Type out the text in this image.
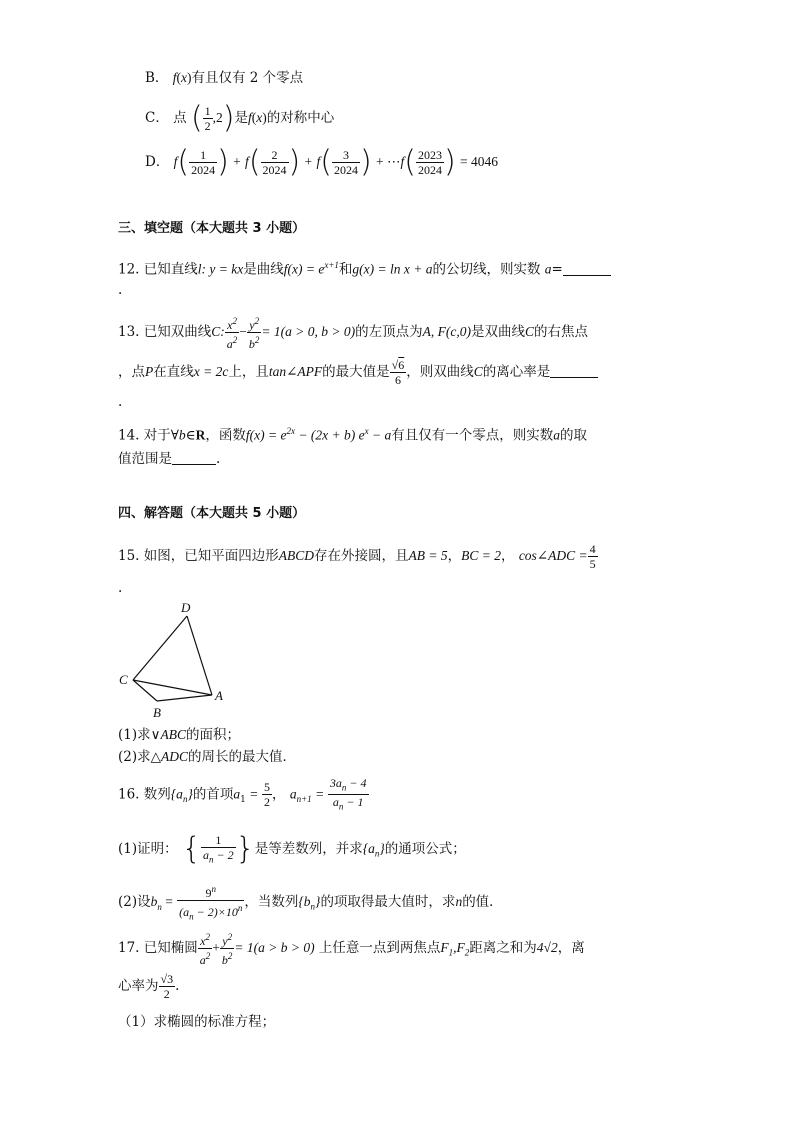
B． f(x)有且仅有 2 个零点
C． 点 ( $\frac{1}{2} ,2$)是f(x)的对称中心
D． $f( \frac{1}{2024}$ ) + $f( \frac{2}{2024}$ ) + $f( \frac{3}{2024}$ ) + ⋯f( $\frac{2023}{2024}$ ) = 4046
三、填空题（本大题共 3 小题）
12. 已知直线l: y = kx是曲线$f(x) = e^{x+1}$和g(x) = ln x + a的公切线，则实数 a=
.
13. 已知双曲线C: $\frac{x^2}{a^2} - \frac{y^2}{b^2} = 1(a > 0$, b > 0)的左顶点为A, F(c,0)是双曲线C的右焦点
，点P在直线x = 2c上，且tan∠APF的最大值是 $\frac{√6}{6}$ ，则双曲线C的离心率是
.
14. 对于∀b∈R，函数$f(x) = e^{2x} - (2x + b) e^x - a$有且仅有一个零点，则实数a的取
值范围是	.
四、解答题（本大题共 5 小题）
15. 如图，已知平面四边形ABCD存在外接圆，且AB = 5，BC = 2， cos∠ADC = $\frac{4}{5}$
.
D
C
A
B
(1)求∨ABC的面积；
(2)求△ADC的周长的最大值．
16. 数列$\{a_n\}$的首项$a_1 = \frac{5}{2}$ ， $a_{n+1} = \frac{3a_n - 4}{a_n - 1}$
(1)证明： { $\frac{1}{a_n - 2}$ }是等差数列，并求$\{a_n\}$的通项公式；
(2)设$b_n = \frac{9^n}{(a_n - 2)\times 10^n}$ ，当数列$\{b_n\}$的项取得最大值时，求n的值．
17. 已知椭圆 $\frac{x^2}{a^2} + \frac{y^2}{b^2} = 1(a > b > 0)$ 上任意一点到两焦点$F_1,F_2$距离之和为4√2，离
心率为 $\frac{√3}{2}$ .
（1）求椭圆的标准方程；
